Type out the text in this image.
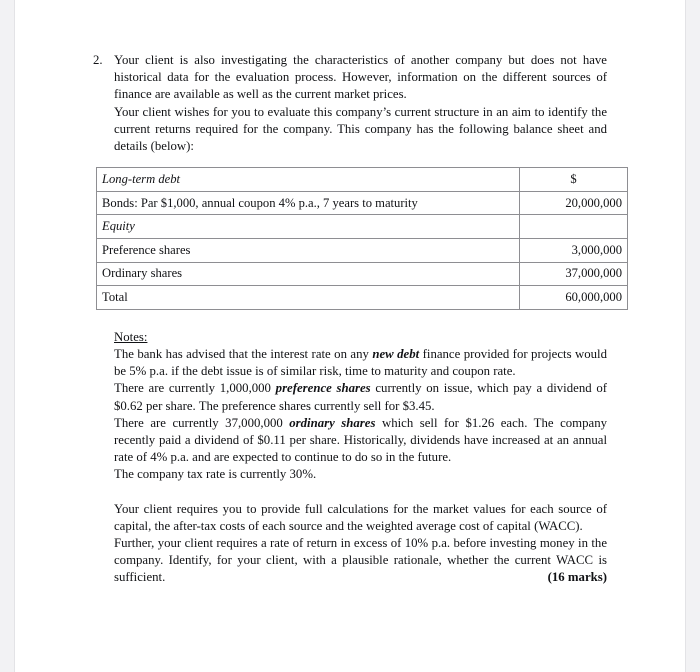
2. Your client is also investigating the characteristics of another company but does not have historical data for the evaluation process. However, information on the different sources of finance are available as well as the current market prices.

Your client wishes for you to evaluate this company’s current structure in an aim to identify the current returns required for the company. This company has the following balance sheet and details (below):

Long-term debt	$
Bonds: Par $1,000, annual coupon 4% p.a., 7 years to maturity	20,000,000
Equity	
Preference shares	3,000,000
Ordinary shares	37,000,000
Total	60,000,000

Notes:

The bank has advised that the interest rate on any new debt finance provided for projects would be 5% p.a. if the debt issue is of similar risk, time to maturity and coupon rate.

There are currently 1,000,000 preference shares currently on issue, which pay a dividend of $0.62 per share. The preference shares currently sell for $3.45.

There are currently 37,000,000 ordinary shares which sell for $1.26 each. The company recently paid a dividend of $0.11 per share. Historically, dividends have increased at an annual rate of 4% p.a. and are expected to continue to do so in the future.

The company tax rate is currently 30%.

Your client requires you to provide full calculations for the market values for each source of capital, the after-tax costs of each source and the weighted average cost of capital (WACC).

Further, your client requires a rate of return in excess of 10% p.a. before investing money in the company. Identify, for your client, with a plausible rationale, whether the current WACC is sufficient.	(16 marks)
